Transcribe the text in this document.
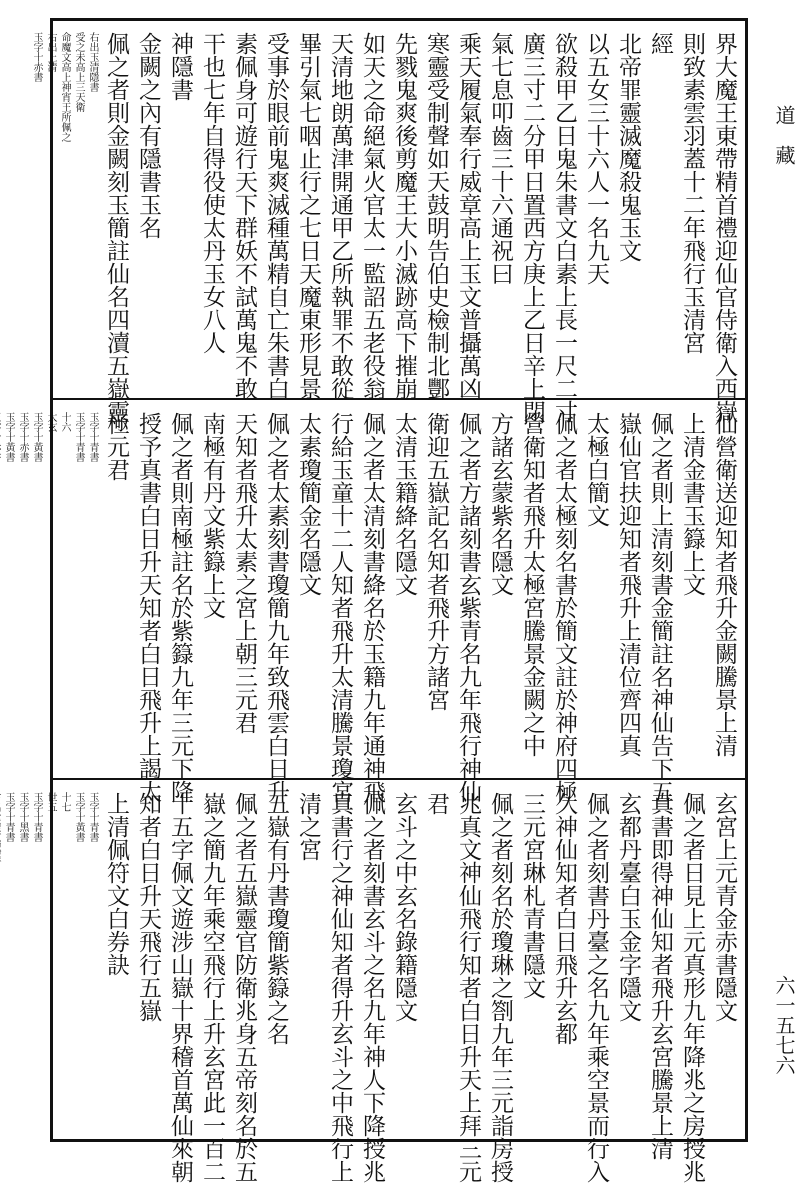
道　藏
六一五七六
界大魔王東帶精首禮迎仙官侍衛入西嶽
則致素雲羽蓋十二年飛行玉清宮
經
北帝罪靈滅魔殺鬼玉文
以五女三十六人一名九天
欲殺甲乙日鬼朱書文白素上長一尺二寸
廣三寸二分甲日置西方庚上乙日辛上閉
氣七息叩齒三十六通祝曰
乘天履氣奉行威章高上玉文普攝萬凶
寒靈受制聲如天鼓明告伯史檢制北酆
先戮鬼爽後剪魔王大小滅跡高下摧崩
如天之命絕氣火官太一監詔五老役翁
天清地朗萬津開通甲乙所執罪不敢從
畢引氣七咽止行之七日天魔東形見景
受事於眼前鬼爽滅種萬精自亡朱書白
素佩身可遊行天下群妖不試萬鬼不敢
干也七年自得役使太丹玉女八人
神隱書
金闕之內有隱書玉名
佩之者則金闕刻玉簡註仙名四瀆五嶽靈
右出玉清隱書
受之未高上三天衛
命魔文高上神宵王所佩之
右出上清
玉字十赤書
仙營衛送迎知者飛升金闕騰景上清
上清金書玉籙上文
佩之者則上清刻書金簡註名神仙告下五
嶽仙官扶迎知者飛升上清位齊四真
太極白簡文
佩之者太極刻名書於簡文註於神府四極
營衛知者飛升太極宮騰景金闕之中
方諸玄蒙紫名隱文
佩之者方諸刻書玄紫青名九年飛行神仙
衛迎五嶽記名知者飛升方諸宮
太清玉籍絳名隱文
佩之者太清刻書絳名於玉籍九年通神飛
行給玉童十二人知者飛升太清騰景瓊宮
太素瓊簡金名隱文
佩之者太素刻書瓊簡九年致飛雲白日升
天知者飛升太素之宮上朝三元君
南極有丹文紫籙上文
佩之者則南極註名於紫籙九年三元下降
授予真書白日升天知者白日飛升上謁太
極元君
玉字十青書
玉字十青書
十六
太玄
玉字十黃書
玉字十赤書
玉字十黃書
玄宮上元青金赤書隱文
佩之者日見上元真形九年降兆之房授兆
真書即得神仙知者飛升玄宮騰景上清
玄都丹臺白玉金字隱文
佩之者刻書丹臺之名九年乘空景而行入
久神仙知者白日飛升玄都
三元宮琳札青書隱文
佩之者刻名於瓊琳之劄九年三元詣房授
兆真文神仙飛行知者白日升天上拜三元
君
玄斗之中玄名錄籍隱文
佩之者刻書玄斗之名九年神人下降授兆
真書行之神仙知者得升玄斗之中飛行上
清之宮
五嶽有丹書瓊簡紫籙之名
佩之者五嶽靈官防衛兆身五帝刻名於五
嶽之簡九年乘空飛行上升玄宮此一百二
十五字佩文遊涉山嶽十界稽首萬仙來朝
知者白日升天飛行五嶽
上清佩符文白券訣
玉字十青書
玉字十黃書
十七
世五
玉字十青書
玉字十黑書
玉字十青書
